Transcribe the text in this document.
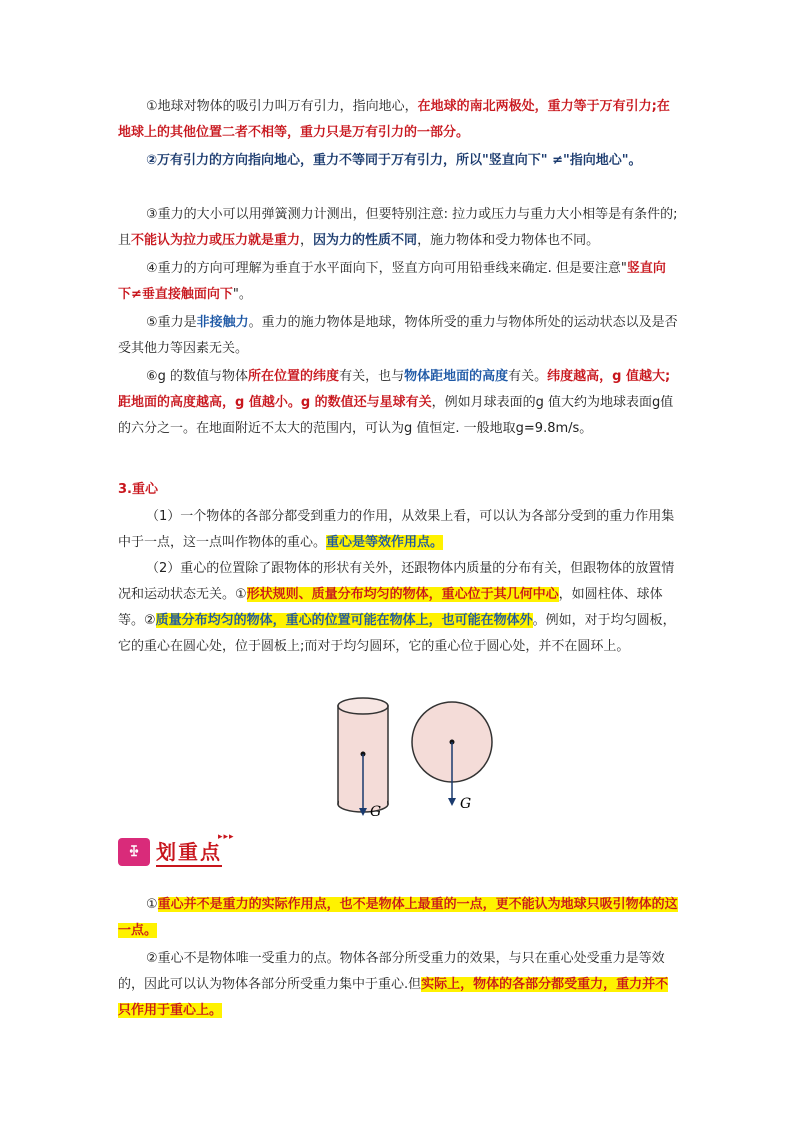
①地球对物体的吸引力叫万有引力，指向地心，在地球的南北两极处，重力等于万有引力;在地球上的其他位置二者不相等，重力只是万有引力的一部分。
②万有引力的方向指向地心，重力不等同于万有引力，所以"竖直向下" ≠"指向地心"。
③重力的大小可以用弹簧测力计测出，但要特别注意: 拉力或压力与重力大小相等是有条件的;且不能认为拉力或压力就是重力，因为力的性质不同，施力物体和受力物体也不同。
④重力的方向可理解为垂直于水平面向下，竖直方向可用铅垂线来确定. 但是要注意"竖直向下≠垂直接触面向下"。
⑤重力是非接触力。重力的施力物体是地球，物体所受的重力与物体所处的运动状态以及是否受其他力等因素无关。
⑥g 的数值与物体所在位置的纬度有关，也与物体距地面的高度有关。纬度越高，g 值越大;距地面的高度越高，g 值越小。g 的数值还与星球有关，例如月球表面的g 值大约为地球表面g值的六分之一。在地面附近不太大的范围内，可认为g 值恒定. 一般地取g=9.8m/s。
3.重心
（1）一个物体的各部分都受到重力的作用，从效果上看，可以认为各部分受到的重力作用集中于一点，这一点叫作物体的重心。重心是等效作用点。
（2）重心的位置除了跟物体的形状有关外，还跟物体内质量的分布有关，但跟物体的放置情况和运动状态无关。①形状规则、质量分布均匀的物体，重心位于其几何中心，如圆柱体、球体等。②质量分布均匀的物体，重心的位置可能在物体上，也可能在物体外。例如，对于均匀圆板，它的重心在圆心处，位于圆板上;而对于均匀圆环，它的重心位于圆心处，并不在圆环上。
G	G
ꔀ 划重点
▸▸▸
①重心并不是重力的实际作用点，也不是物体上最重的一点，更不能认为地球只吸引物体的这一点。
②重心不是物体唯一受重力的点。物体各部分所受重力的效果，与只在重心处受重力是等效的，因此可以认为物体各部分所受重力集中于重心.但实际上，物体的各部分都受重力，重力并不只作用于重心上。
